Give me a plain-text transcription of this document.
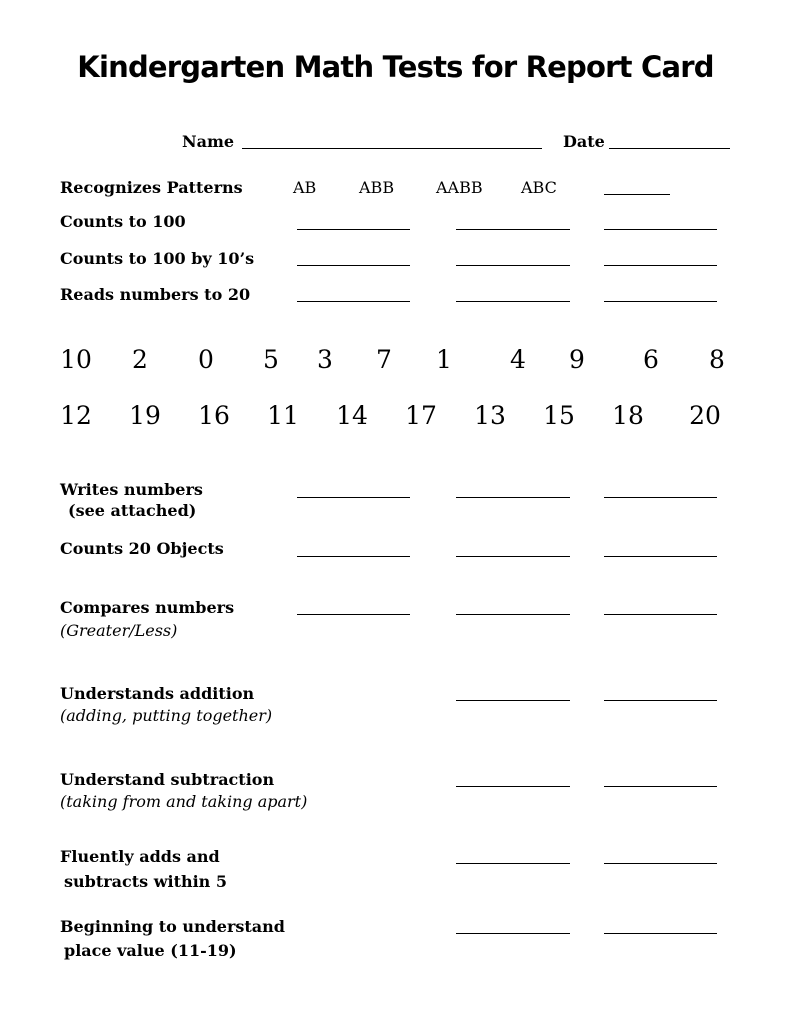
Kindergarten Math Tests for Report Card
Name	Date
Recognizes Patterns	AB	ABB	AABB ABC
Counts to 100
Counts to 100 by 10’s
Reads numbers to 20
10	2	0	5	3	7	1	4	9	6	8
12 19 16 11 14 17 13 15 18 20
Writes numbers
(see attached)
Counts 20 Objects
Compares numbers
(Greater/Less)
Understands addition
(adding, putting together)
Understand subtraction
(taking from and taking apart)
Fluently adds and
subtracts within 5
Beginning to understand
place value (11-19)
